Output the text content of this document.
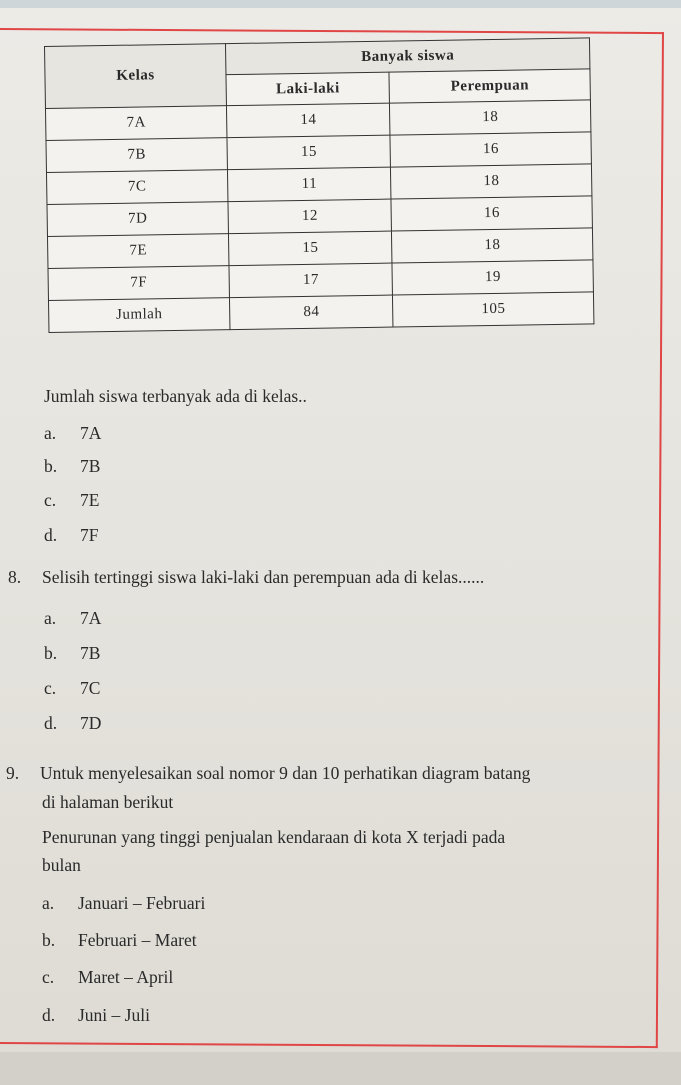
Kelas	Banyak siswa	
	Laki-laki	Perempuan
7A	14	18
7B	15	16
7C	11	18
7D	12	16
7E	15	18
7F	17	19
Jumlah	84	105
Jumlah siswa terbanyak ada di kelas..
a. 7A
b. 7B
c. 7E
d. 7F
8. Selisih tertinggi siswa laki-laki dan perempuan ada di kelas......
a. 7A
b. 7B
c. 7C
d. 7D
9. Untuk menyelesaikan soal nomor 9 dan 10 perhatikan diagram batang
di halaman berikut
Penurunan yang tinggi penjualan kendaraan di kota X terjadi pada
bulan
a. Januari – Februari
b. Februari – Maret
c. Maret – April
d. Juni – Juli
